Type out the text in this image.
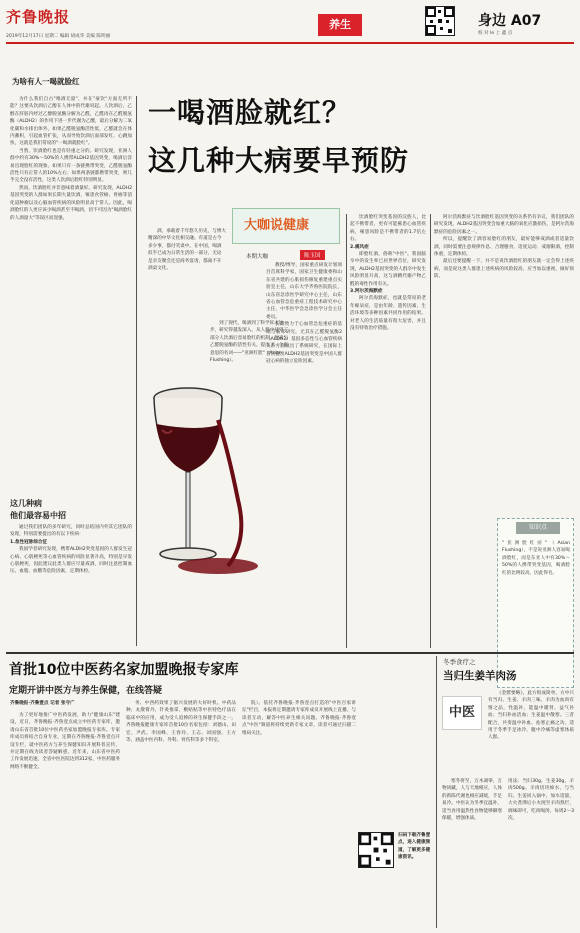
齐鲁晚报
2019年12月17日 星期二 编辑 胡成华 美编 陈明丽
养生	身边 A07
校 对 le 上 鑫 点
为啥有人一喝就脸红
一喝酒脸就红？
这几种大病要早预防

为什么我们自古"唯酒无量"，并在"豪饮"方面无所不能？这要从饮酒后乙醇在人体中的代谢说起。人饮酒后，乙醇在肝脏内经过乙醇脱氢酶分解为乙醛，乙醛再在乙醛脱氢酶（ALDH2）的作用下进一步代谢为乙酸，最后分解为二氧化碳和水排出体外。如果乙醛脱氢酶活性低，乙醛就会在体内蓄积，引起血管扩张，从而导致饮酒后面部发红、心跳加快，这就是我们常说的"一喝酒就脸红"。

当然，饮酒脸红也是有轻重之分的。研究发现，亚洲人群中约有30%～50%的人携带ALDH2基因突变，喝酒后容易出现脸红的现象。如果只有一条链携带突变，乙醛脱氢酶活性只有正常人的10%左右；如果两条链都携带突变，则几乎完全没有活性，这类人饮酒后脸红特别明显。

然而，饮酒脸红并非意味着酒量好。研究发现，ALDH2基因突变的人群如果长期大量饮酒，罹患食管癌、胃癌等消化道肿瘤以及心脑血管疾病的风险明显高于常人。因此，喝酒脸红的人更应该少喝酒甚至不喝酒，切不可因为"喝酒脸红的人酒量大"等误区而逞强。

这几种病
他们最容易中招

通过我们团队的多年研究，同时总结国内外其它团队的发现，特别需要提出的有以下疾病：

1.急性冠脉综合征

我国学者研究发现，携带ALDH2突变基因的人群发生冠心病、心肌梗死等心血管疾病的风险显著升高，特别是早发心肌梗死，因此建议此类人群应尽量戒酒，同时注意控制血压、血脂、血糖等危险因素，定期体检。

大咖说健康
本期大咖	陈玉国

酒，承载着千年悠久历史，与博大精深的中华文化相交融。有道是古今多少事，都付笑谈中。在中国，喝酒似乎已成为日常生活的一部分，无论是亲友聚会还是商务宴请，都离不开酒桌文化。

到了现代，喝酒到了科学诉求这一步，研究得越发深入，从人群中找到了部分人饮酒后容易脸红的机制，原来与乙醛脱氢酶的活性有关。提出了一个有意思的名词——"亚洲红脸"（Asian Flushing）。

教授/博导，国家重点研发计划项目首席科学家，国家卫生健康委和山东省共建的心肌损伤修复重建重点实验室主任，山东大学齐鲁医院院长，山东省急诊医学研究中心主任，山东省心血管急危重症工程技术研究中心主任，中华医学会急诊医学分会主任委员。

长期致力于心血管急危重症的基础与临床研究，尤其在乙醛脱氢酶2（ALDH2）基因多态性与心血管疾病关系方面做出了系统研究，在国际上首次提出ALDH2基因突变是中国人群冠心病的独立危险因素。

饮酒脸红突变基因的汉族人，比起不携带者，更有可能罹患心血管疾病，罹患风险是不携带者的1.7倍左右。

2.痛风症

即脸红酒，俗称"中医"。我国脑卒中的发生率已居世界首位，研究发现，ALDH2基因突变的人群卒中发生风险明显升高，这与酒精代谢产物乙醛的毒性作用有关。

3.阿尔茨海默症

阿尔茨海默症，也就是常说的老年痴呆症，是由年龄、遗传因素、生活环境等多种因素共同作用的结果。对老人的生活质量有很大危害，并且没有特效治疗措施。

阿尔茨海默症与饮酒脸红基因突变的关系仍有争议，我们团队的研究发现，ALDH2基因突变会加重大脑的氧化应激损伤，是阿尔茨海默症的危险因素之一。

所以，提醒饮了酒容易脸红的朋友，最好能够戒酒或者适量饮酒，同时需要注意规律作息、合理膳食、适度运动、戒烟限酒，控制体重，定期体检。

最后还要提醒一下，并不是说饮酒脸红的朋友就一定会得上述疾病，而是说这类人群患上述疾病的风险较高，应当加以重视，做好预防。

知识点
"亚洲脸红症"（Asian Flushing），不是说亚洲人容易喝酒脸红，而是东亚人中有30%～50%的人携带突变基因，喝酒脸红的比例较高，因此得名。
首批10位中医药名家加盟晚报专家库
定期开讲中医方与养生保健，在线答疑
齐鲁晚报·齐鲁壹点 记者 张守广
为了更好地推广中医药发展，助力"健康山东"建设，近日，齐鲁晚报·齐鲁壹点成立中医药专家库，邀请山东省首批10位中医药名家加盟晚报专家库。专家库成员将结合自身专业，定期在齐鲁晚报·齐鲁壹点开设专栏，就中医药方与养生保健知识开展科普宣传，并定期在线为读者答疑解惑。近年来，山东省中医药工作发展迅速，全省中医医院达到312家，中医药服务网络不断健全。
务、中西药效果了据兴发展的大好时机。中药品种、丸散膏丹、针灸推拿、敷贴贴等中医特色疗法在临床中的应用，成为受人追捧的养生保健手段之一。齐鲁晚报健康专家库首批10位名家包括：刘德山、田宏、尹武、李国峰、王春玲、王志、刘国强、王方等，涵盖中医内科、外科、骨伤科等多个科室。
院）。依托齐鲁晚报·齐鲁壹点打造的"中医百家讲坛"栏目，本报将定期邀请专家库成员开展线上直播，与读者互动，解答中医养生相关问题。齐鲁晚报·齐鲁壹点"中医"频道将持续更新专家文章，读者可通过扫描二维码关注。
扫码下载齐鲁壹点，进入健康频道，了解更多健康资讯。
冬季食疗之
当归生姜羊肉汤
中医
《金匮要略》，此方组成简单，方中只有当归、生姜、羊肉三味。羊肉为血肉有情之品，性温补，能温中暖肾、益气补血；当归补血活血；生姜温中散寒。三者配合，共奏温中补血、祛寒止痛之功。适用于冬季手足冰冷、腹中冷痛等虚寒体质人群。
寒冬将至，万木凋零，万物闭藏，人与天地相应，人体的新陈代谢也相应减缓，手足易冷。中医认为冬季宜温补，适当食用温热性食物能够御寒保暖，增强体质。
用法：当归30g，生姜30g，羊肉500g。羊肉切块焯水，与当归、生姜同入锅中，加水适量，大火煮沸后小火炖至羊肉熟烂，调味即可，吃肉喝汤，每周2～3次。
